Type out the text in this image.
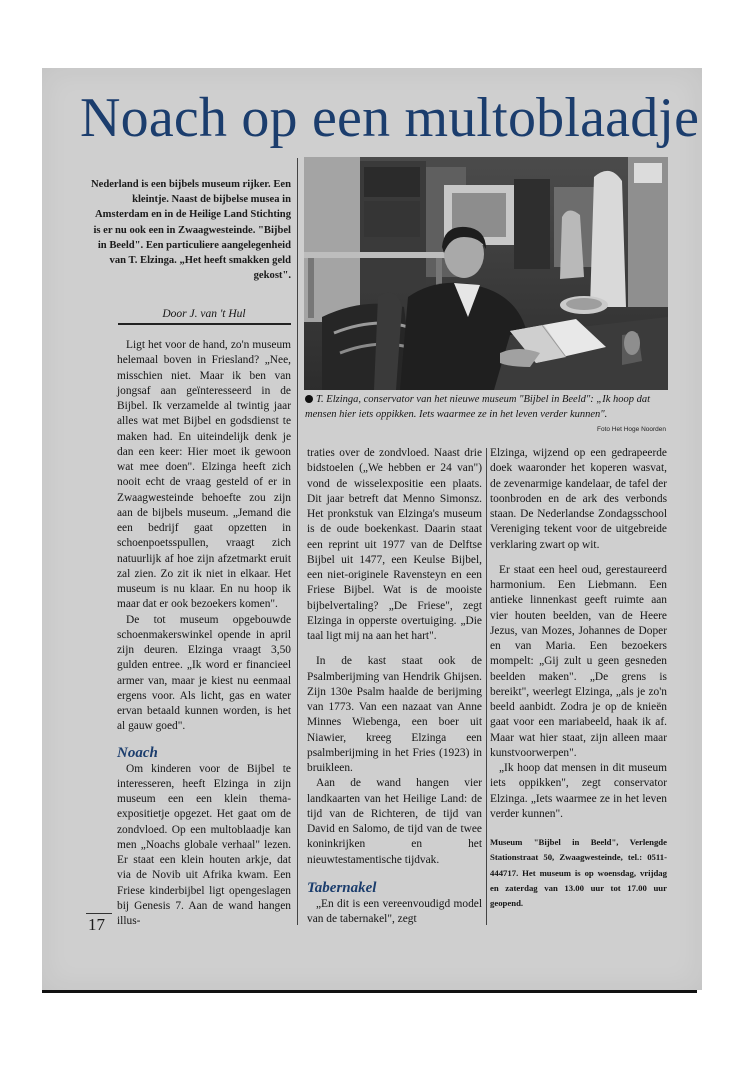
Noach op een multoblaadje

Nederland is een bijbels museum rijker. Een kleintje. Naast de bijbelse musea in Amsterdam en in de Heilige Land Stichting is er nu ook een in Zwaagwesteinde. "Bijbel in Beeld". Een particuliere aangelegenheid van T. Elzinga. „Het heeft smakken geld gekost".

Door J. van 't Hul
T. Elzinga, conservator van het nieuwe museum "Bijbel in Beeld": „Ik hoop dat mensen hier iets oppikken. Iets waarmee ze in het leven verder kunnen".
Foto Het Hoge Noorden

Ligt het voor de hand, zo'n museum helemaal boven in Friesland? „Nee, misschien niet. Maar ik ben van jongsaf aan geïnteresseerd in de Bijbel. Ik verzamelde al twintig jaar alles wat met Bijbel en godsdienst te maken had. En uiteindelijk denk je dan een keer: Hier moet ik gewoon wat mee doen". Elzinga heeft zich nooit echt de vraag gesteld of er in Zwaagwesteinde behoefte zou zijn aan de bijbels museum. „Jemand die een bedrijf gaat opzetten in schoenpoetsspullen, vraagt zich natuurlijk af hoe zijn afzetmarkt eruit zal zien. Zo zit ik niet in elkaar. Het museum is nu klaar. En nu hoop ik maar dat er ook bezoekers komen".

De tot museum opgebouwde schoenmakerswinkel opende in april zijn deuren. Elzinga vraagt 3,50 gulden entree. „Ik word er financieel armer van, maar je kiest nu eenmaal ergens voor. Als licht, gas en water ervan betaald kunnen worden, is het al gauw goed".

Noach

Om kinderen voor de Bijbel te interesseren, heeft Elzinga in zijn museum een een klein thema-expositietje opgezet. Het gaat om de zondvloed. Op een multoblaadje kan men „Noachs globale verhaal" lezen. Er staat een klein houten arkje, dat via de Novib uit Afrika kwam. Een Friese kinderbijbel ligt opengeslagen bij Genesis 7. Aan de wand hangen illus-

traties over de zondvloed. Naast drie bidstoelen („We hebben er 24 van") vond de wisselexpositie een plaats. Dit jaar betreft dat Menno Simonsz. Het pronkstuk van Elzinga's museum is de oude boekenkast. Daarin staat een reprint uit 1977 van de Delftse Bijbel uit 1477, een Keulse Bijbel, een niet-originele Ravensteyn en een Friese Bijbel. Wat is de mooiste bijbelvertaling? „De Friese", zegt Elzinga in opperste overtuiging. „Die taal ligt mij na aan het hart".

In de kast staat ook de Psalmberijming van Hendrik Ghijsen. Zijn 130e Psalm haalde de berijming van 1773. Van een nazaat van Anne Minnes Wiebenga, een boer uit Niawier, kreeg Elzinga een psalmberijming in het Fries (1923) in bruikleen.

Aan de wand hangen vier landkaarten van het Heilige Land: de tijd van de Richteren, de tijd van David en Salomo, de tijd van de twee koninkrijken en het nieuwtestamentische tijdvak.

Tabernakel

„En dit is een vereenvoudigd model van de tabernakel", zegt

Elzinga, wijzend op een gedrapeerde doek waaronder het koperen wasvat, de zevenarmige kandelaar, de tafel der toonbroden en de ark des verbonds staan. De Nederlandse Zondagsschool Vereniging tekent voor de uitgebreide verklaring zwart op wit.

Er staat een heel oud, gerestaureerd harmonium. Een Liebmann. Een antieke linnenkast geeft ruimte aan vier houten beelden, van de Heere Jezus, van Mozes, Johannes de Doper en van Maria. Een bezoekers mompelt: „Gij zult u geen gesneden beelden maken". „De grens is bereikt", weerlegt Elzinga, „als je zo'n beeld aanbidt. Zodra je op de knieën gaat voor een mariabeeld, haak ik af. Maar wat hier staat, zijn alleen maar kunstvoorwerpen".

„Ik hoop dat mensen in dit museum iets oppikken", zegt conservator Elzinga. „Iets waarmee ze in het leven verder kunnen".

Museum "Bijbel in Beeld", Verlengde Stationstraat 50, Zwaagwesteinde, tel.: 0511-444717. Het museum is op woensdag, vrijdag en zaterdag van 13.00 uur tot 17.00 uur geopend.

17
